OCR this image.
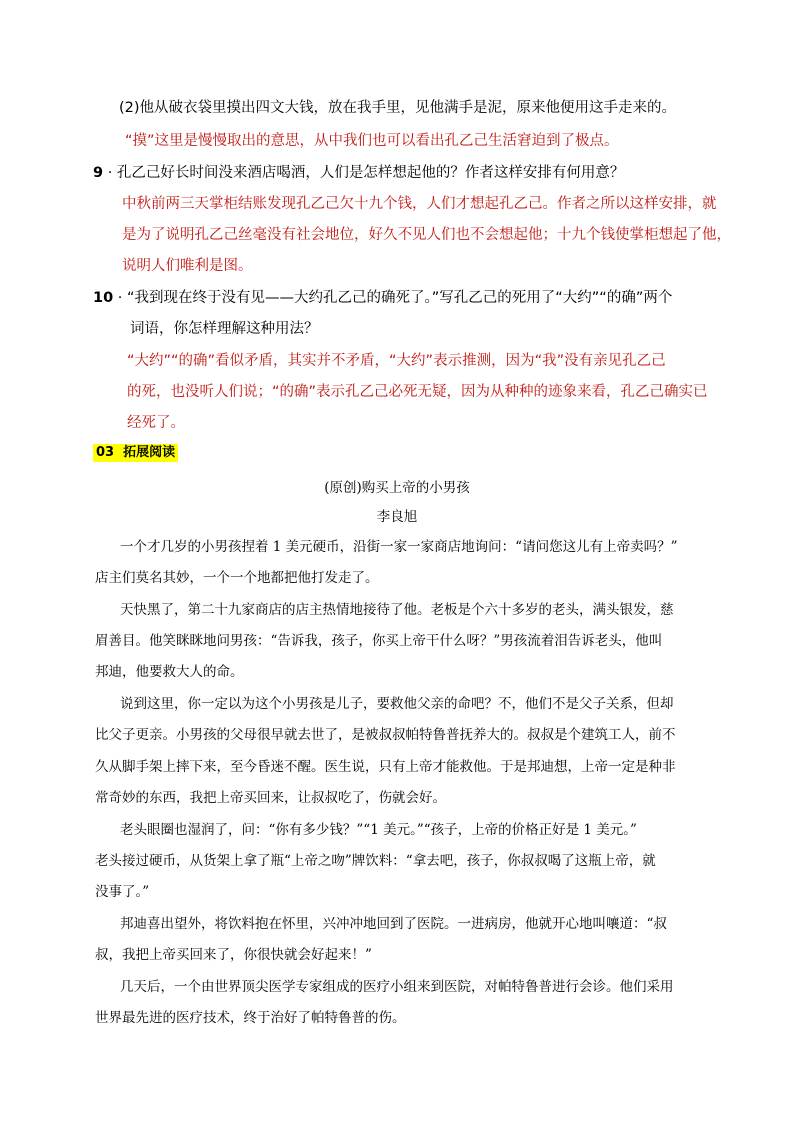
(2)他从破衣袋里摸出四文大钱，放在我手里，见他满手是泥，原来他便用这手走来的。
“摸”这里是慢慢取出的意思，从中我们也可以看出孔乙己生活窘迫到了极点。
9 · 孔乙己好长时间没来酒店喝酒，人们是怎样想起他的？作者这样安排有何用意？
中秋前两三天掌柜结账发现孔乙己欠十九个钱，人们才想起孔乙己。作者之所以这样安排，就
是为了说明孔乙己丝毫没有社会地位，好久不见人们也不会想起他；十九个钱使掌柜想起了他，
说明人们唯利是图。
10 · “我到现在终于没有见——大约孔乙己的确死了。”写孔乙己的死用了“大约”“的确”两个
词语，你怎样理解这种用法？
“大约”“的确”看似矛盾，其实并不矛盾，“大约”表示推测，因为“我”没有亲见孔乙己
的死，也没听人们说；“的确”表示孔乙己必死无疑，因为从种种的迹象来看，孔乙己确实已
经死了。
03 拓展阅读
(原创)购买上帝的小男孩
李良旭
一个才几岁的小男孩捏着 1 美元硬币，沿街一家一家商店地询问：“请问您这儿有上帝卖吗？”
店主们莫名其妙，一个一个地都把他打发走了。
天快黑了，第二十九家商店的店主热情地接待了他。老板是个六十多岁的老头，满头银发，慈
眉善目。他笑眯眯地问男孩：“告诉我，孩子，你买上帝干什么呀？”男孩流着泪告诉老头，他叫
邦迪，他要救大人的命。
说到这里，你一定以为这个小男孩是儿子，要救他父亲的命吧？不，他们不是父子关系，但却
比父子更亲。小男孩的父母很早就去世了，是被叔叔帕特鲁普抚养大的。叔叔是个建筑工人，前不
久从脚手架上摔下来，至今昏迷不醒。医生说，只有上帝才能救他。于是邦迪想，上帝一定是种非
常奇妙的东西，我把上帝买回来，让叔叔吃了，伤就会好。
老头眼圈也湿润了，问：“你有多少钱？”“1 美元。”“孩子，上帝的价格正好是 1 美元。”
老头接过硬币，从货架上拿了瓶“上帝之吻”牌饮料：“拿去吧，孩子，你叔叔喝了这瓶上帝，就
没事了。”
邦迪喜出望外，将饮料抱在怀里，兴冲冲地回到了医院。一进病房，他就开心地叫嚷道：“叔
叔，我把上帝买回来了，你很快就会好起来！”
几天后，一个由世界顶尖医学专家组成的医疗小组来到医院，对帕特鲁普进行会诊。他们采用
世界最先进的医疗技术，终于治好了帕特鲁普的伤。
